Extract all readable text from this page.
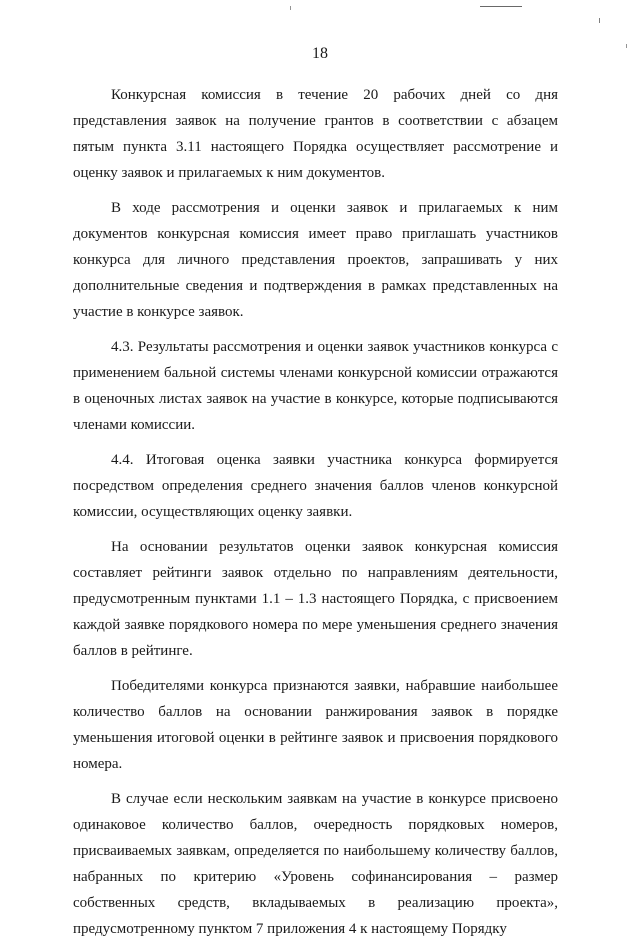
18

Конкурсная комиссия в течение 20 рабочих дней со дня представления заявок на получение грантов в соответствии с абзацем пятым пункта 3.11 настоящего Порядка осуществляет рассмотрение и оценку заявок и прилагаемых к ним документов.

В ходе рассмотрения и оценки заявок и прилагаемых к ним документов конкурсная комиссия имеет право приглашать участников конкурса для личного представления проектов, запрашивать у них дополнительные сведения и подтверждения в рамках представленных на участие в конкурсе заявок.

4.3. Результаты рассмотрения и оценки заявок участников конкурса с применением бальной системы членами конкурсной комиссии отражаются в оценочных листах заявок на участие в конкурсе, которые подписываются членами комиссии.

4.4. Итоговая оценка заявки участника конкурса формируется посредством определения среднего значения баллов членов конкурсной комиссии, осуществляющих оценку заявки.

На основании результатов оценки заявок конкурсная комиссия составляет рейтинги заявок отдельно по направлениям деятельности, предусмотренным пунктами 1.1 – 1.3 настоящего Порядка, с присвоением каждой заявке порядкового номера по мере уменьшения среднего значения баллов в рейтинге.

Победителями конкурса признаются заявки, набравшие наибольшее количество баллов на основании ранжирования заявок в порядке уменьшения итоговой оценки в рейтинге заявок и присвоения порядкового номера.

В случае если нескольким заявкам на участие в конкурсе присвоено одинаковое количество баллов, очередность порядковых номеров, присваиваемых заявкам, определяется по наибольшему количеству баллов, набранных по критерию «Уровень софинансирования – размер собственных средств, вкладываемых в реализацию проекта», предусмотренному пунктом 7 приложения 4 к настоящему Порядку
